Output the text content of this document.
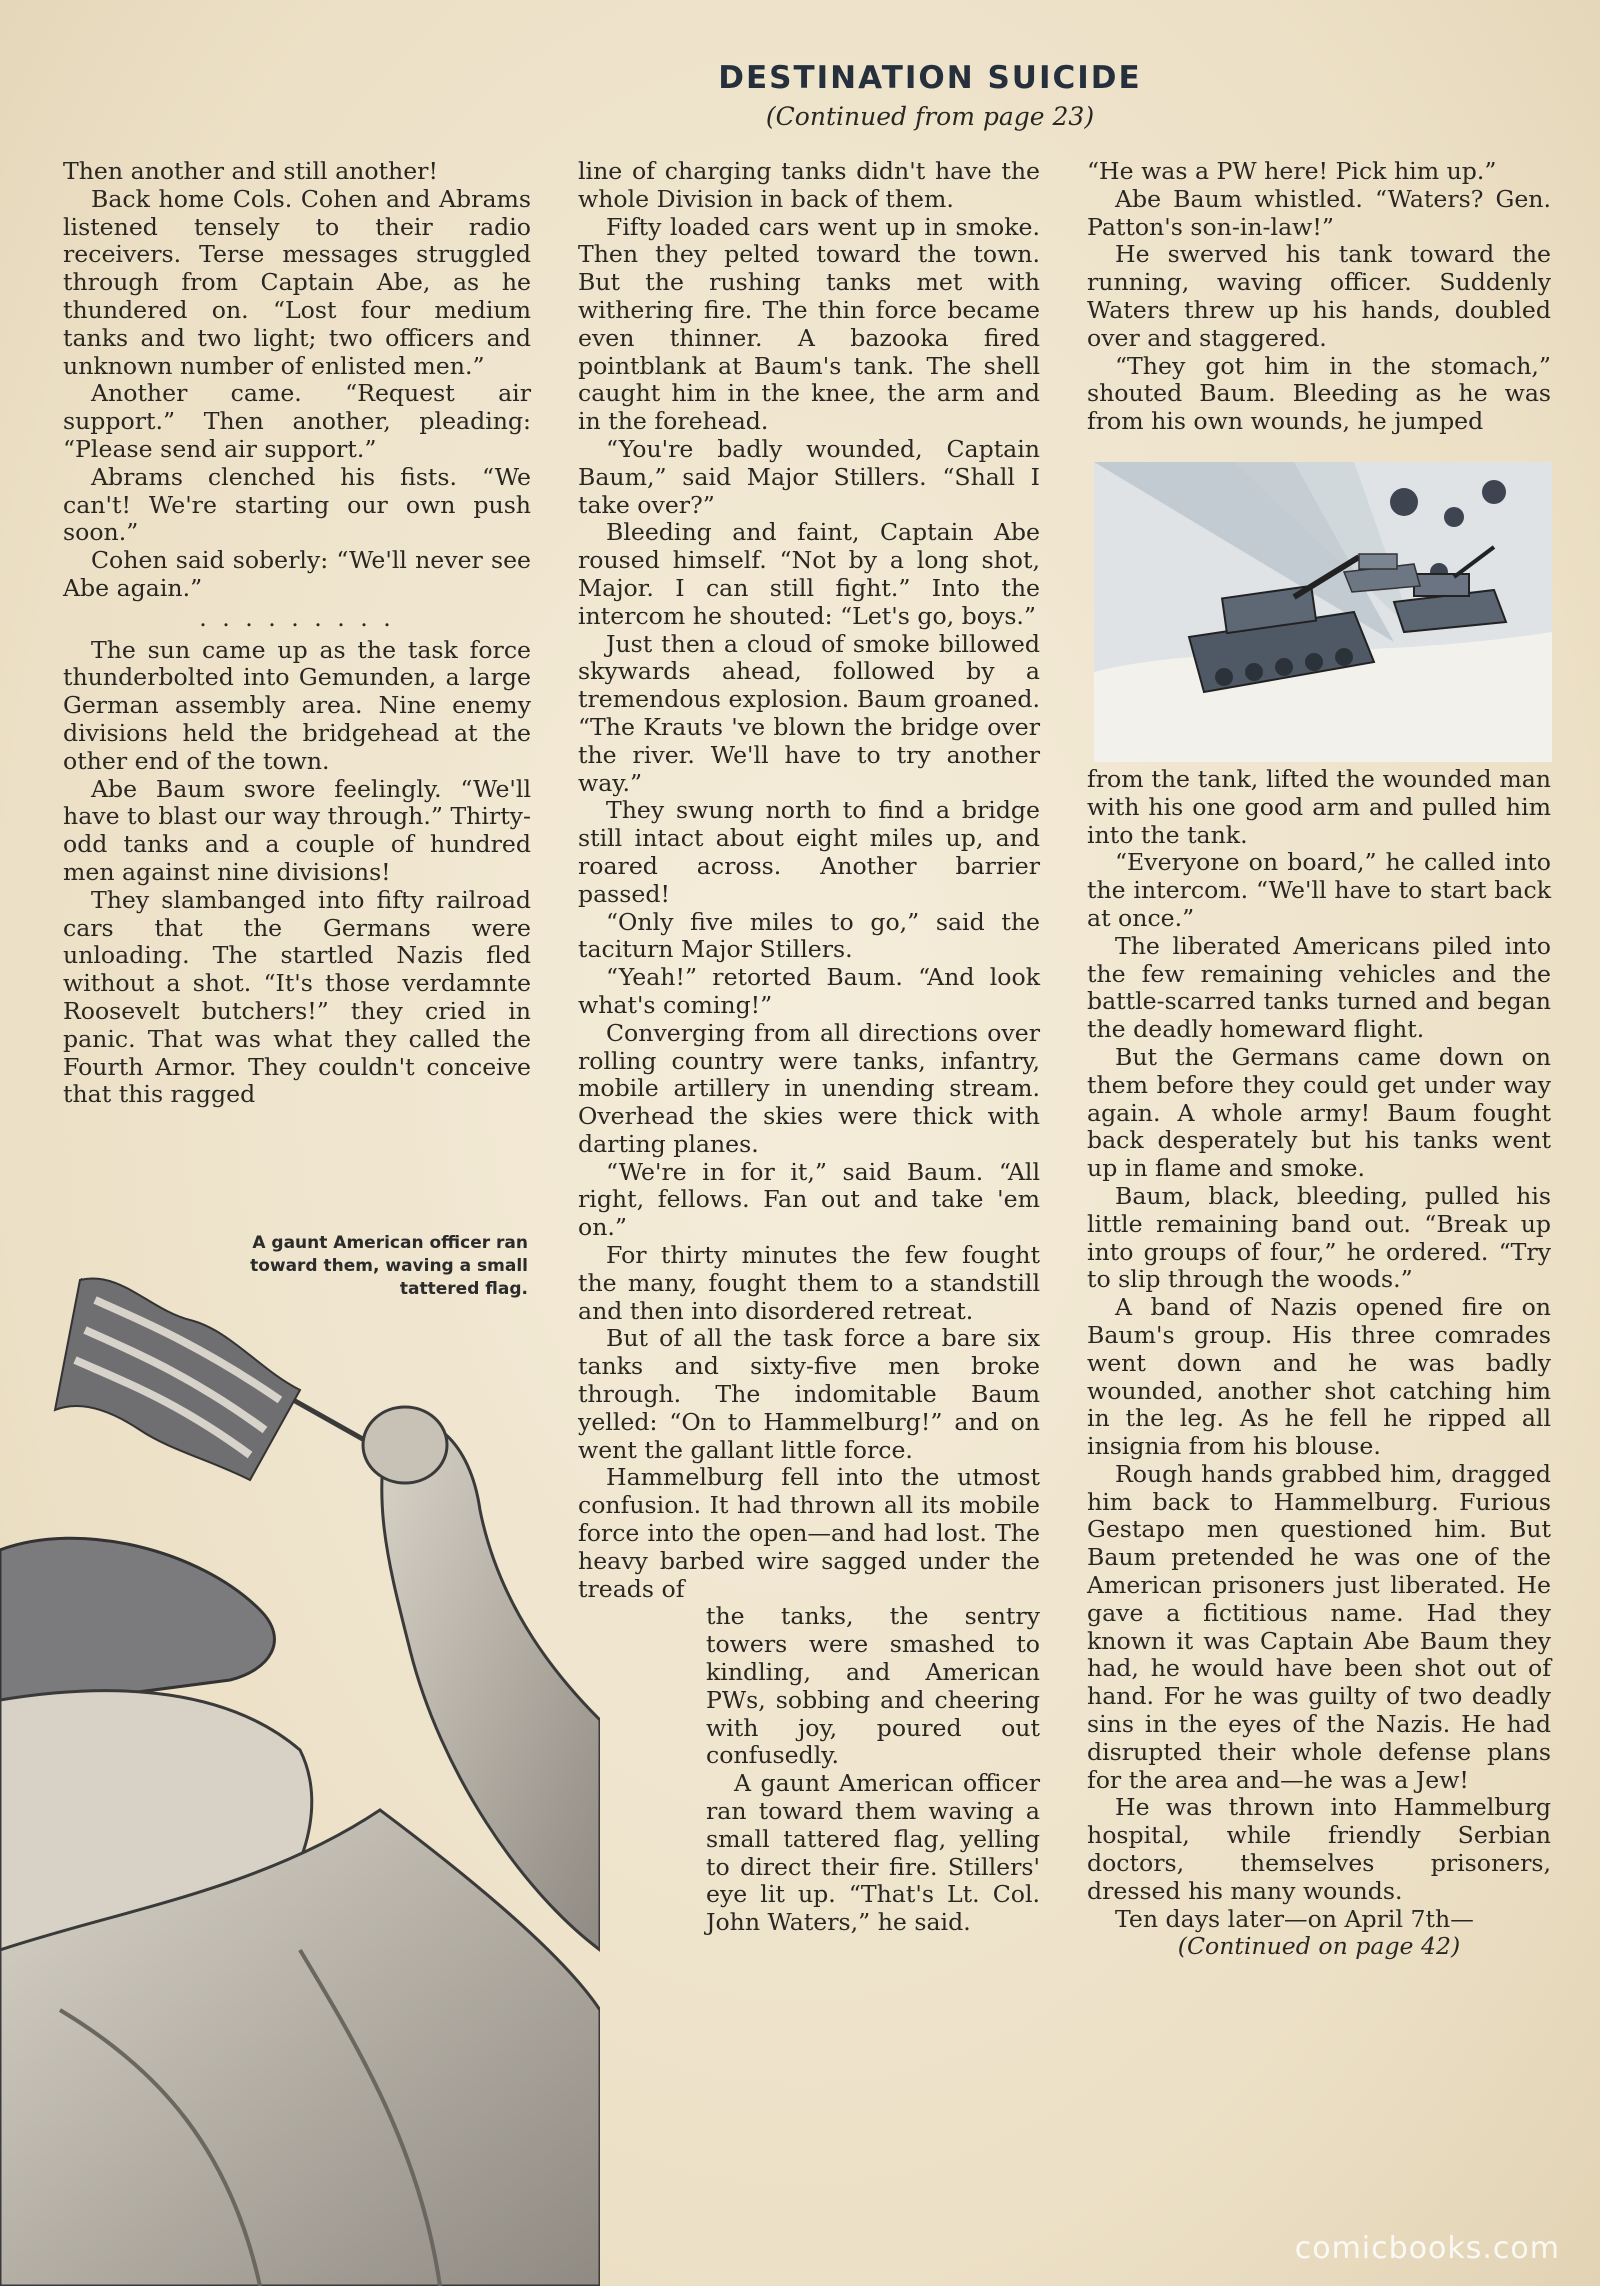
DESTINATION SUICIDE
(Continued from page 23)

Then another and still another!

Back home Cols. Cohen and Abrams listened tensely to their radio receivers. Terse messages struggled through from Captain Abe, as he thundered on. “Lost four medium tanks and two light; two officers and unknown number of enlisted men.”

Another came. “Request air support.” Then another, pleading: “Please send air support.”

Abrams clenched his fists. “We can't! We're starting our own push soon.”

Cohen said soberly: “We'll never see Abe again.”

. . . . . . . . .

The sun came up as the task force thunderbolted into Gemunden, a large German assembly area. Nine enemy divisions held the bridgehead at the other end of the town.

Abe Baum swore feelingly. “We'll have to blast our way through.” Thirty-odd tanks and a couple of hundred men against nine divisions!

They slambanged into fifty railroad cars that the Germans were unloading. The startled Nazis fled without a shot. “It's those verdamnte Roosevelt butchers!” they cried in panic. That was what they called the Fourth Armor. They couldn't conceive that this ragged

A gaunt American officer ran toward them, waving a small tattered flag.

line of charging tanks didn't have the whole Division in back of them.

Fifty loaded cars went up in smoke. Then they pelted toward the town. But the rushing tanks met with withering fire. The thin force became even thinner. A bazooka fired pointblank at Baum's tank. The shell caught him in the knee, the arm and in the forehead.

“You're badly wounded, Captain Baum,” said Major Stillers. “Shall I take over?”

Bleeding and faint, Captain Abe roused himself. “Not by a long shot, Major. I can still fight.” Into the intercom he shouted: “Let's go, boys.”

Just then a cloud of smoke billowed skywards ahead, followed by a tremendous explosion. Baum groaned. “The Krauts 've blown the bridge over the river. We'll have to try another way.”

They swung north to find a bridge still intact about eight miles up, and roared across. Another barrier passed!

“Only five miles to go,” said the taciturn Major Stillers.

“Yeah!” retorted Baum. “And look what's coming!”

Converging from all directions over rolling country were tanks, infantry, mobile artillery in unending stream. Overhead the skies were thick with darting planes.

“We're in for it,” said Baum. “All right, fellows. Fan out and take 'em on.”

For thirty minutes the few fought the many, fought them to a standstill and then into disordered retreat.

But of all the task force a bare six tanks and sixty-five men broke through. The indomitable Baum yelled: “On to Hammelburg!” and on went the gallant little force.

Hammelburg fell into the utmost confusion. It had thrown all its mobile force into the open—and had lost. The heavy barbed wire sagged under the treads of

the tanks, the sentry towers were smashed to kindling, and American PWs, sobbing and cheering with joy, poured out confusedly.

A gaunt American officer ran toward them waving a small tattered flag, yelling to direct their fire. Stillers' eye lit up. “That's Lt. Col. John Waters,” he said.

“He was a PW here! Pick him up.”

Abe Baum whistled. “Waters? Gen. Patton's son-in-law!”

He swerved his tank toward the running, waving officer. Suddenly Waters threw up his hands, doubled over and staggered.

“They got him in the stomach,” shouted Baum. Bleeding as he was from his own wounds, he jumped

from the tank, lifted the wounded man with his one good arm and pulled him into the tank.

“Everyone on board,” he called into the intercom. “We'll have to start back at once.”

The liberated Americans piled into the few remaining vehicles and the battle-scarred tanks turned and began the deadly homeward flight.

But the Germans came down on them before they could get under way again. A whole army! Baum fought back desperately but his tanks went up in flame and smoke.

Baum, black, bleeding, pulled his little remaining band out. “Break up into groups of four,” he ordered. “Try to slip through the woods.”

A band of Nazis opened fire on Baum's group. His three comrades went down and he was badly wounded, another shot catching him in the leg. As he fell he ripped all insignia from his blouse.

Rough hands grabbed him, dragged him back to Hammelburg. Furious Gestapo men questioned him. But Baum pretended he was one of the American prisoners just liberated. He gave a fictitious name. Had they known it was Captain Abe Baum they had, he would have been shot out of hand. For he was guilty of two deadly sins in the eyes of the Nazis. He had disrupted their whole defense plans for the area and—he was a Jew!

He was thrown into Hammelburg hospital, while friendly Serbian doctors, themselves prisoners, dressed his many wounds.

Ten days later—on April 7th—

(Continued on page 42)
comicbooks.com
